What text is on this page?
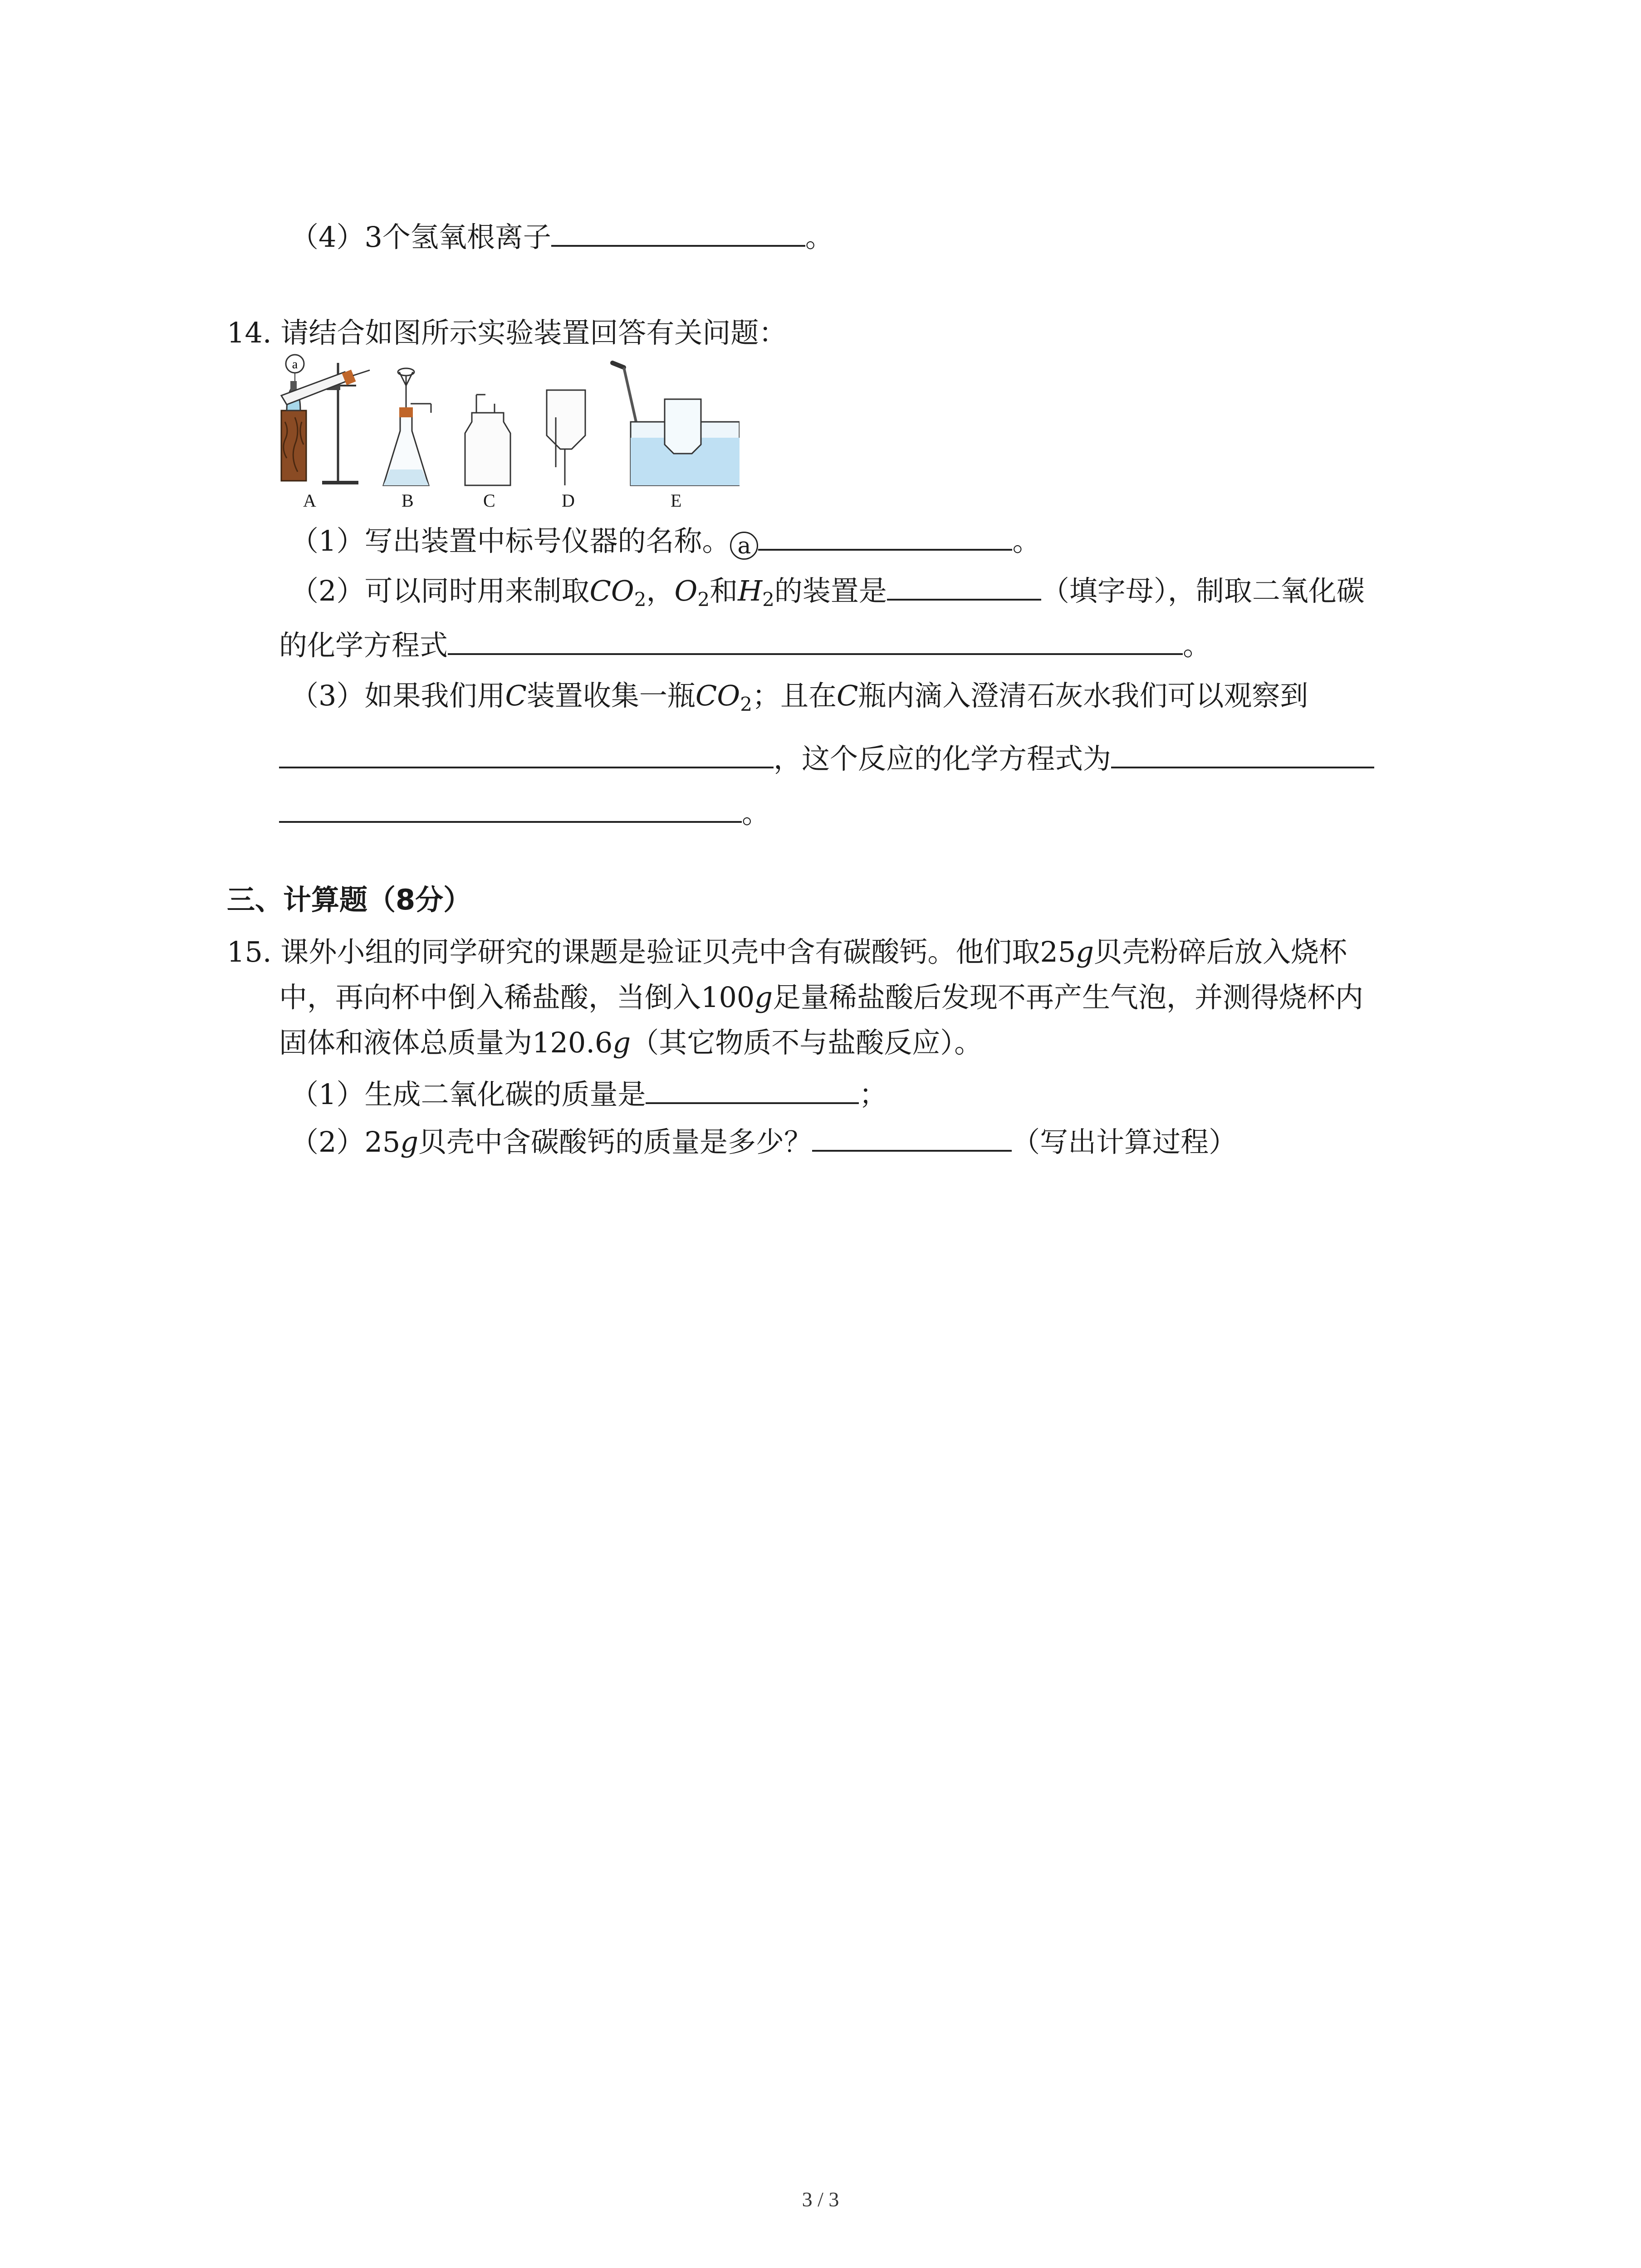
（4）3个氢氧根离子	。
14. 请结合如图所示实验装置回答有关问题：
a
A	B	C	D	E
（1）写出装置中标号仪器的名称。 a	。
（2）可以同时用来制取$CO_2$，$O_2$和$H_2$的装置是	（填字母），制取二氧化碳
的化学方程式	。
（3）如果我们用C装置收集一瓶$CO_2$；且在C瓶内滴入澄清石灰水我们可以观察到
，这个反应的化学方程式为
。
三、计算题（8分）
15. 课外小组的同学研究的课题是验证贝壳中含有碳酸钙。他们取25g贝壳粉碎后放入烧杯
中，再向杯中倒入稀盐酸，当倒入100g足量稀盐酸后发现不再产生气泡，并测得烧杯内
固体和液体总质量为120.6g（其它物质不与盐酸反应）。
（1）生成二氧化碳的质量是	；
（2）25g贝壳中含碳酸钙的质量是多少？	（写出计算过程）
3 / 3
